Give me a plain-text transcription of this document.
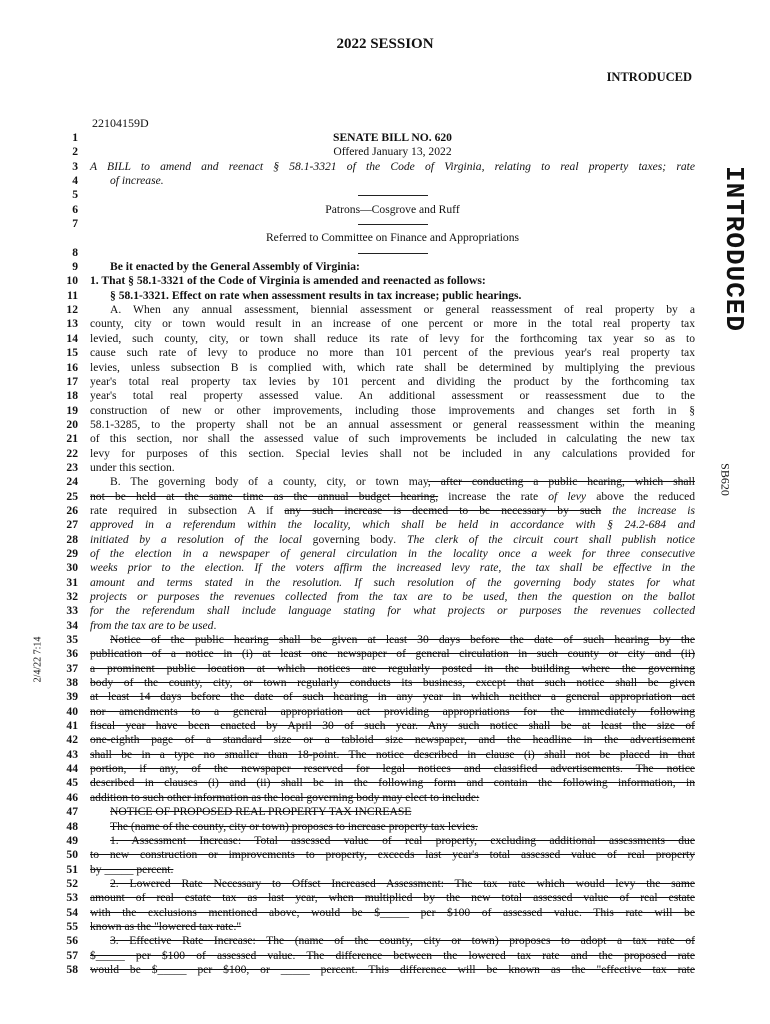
2022 SESSION
INTRODUCED
22104159D
INTRODUCED
SB620
2/4/22 7:14
1	SENATE BILL NO. 620
2	Offered January 13, 2022
3 A BILL to amend and reenact § 58.1-3321 of the Code of Virginia, relating to real property taxes; rate
4	of increase.
5
6	Patrons—Cosgrove and Ruff
7
Referred to Committee on Finance and Appropriations
8
9	Be it enacted by the General Assembly of Virginia:
10 1. That § 58.1-3321 of the Code of Virginia is amended and reenacted as follows:
11	§ 58.1-3321. Effect on rate when assessment results in tax increase; public hearings.
12	A. When any annual assessment, biennial assessment or general reassessment of real property by a
13 county, city or town would result in an increase of one percent or more in the total real property tax
14 levied, such county, city, or town shall reduce its rate of levy for the forthcoming tax year so as to
15 cause such rate of levy to produce no more than 101 percent of the previous year's real property tax
16 levies, unless subsection B is complied with, which rate shall be determined by multiplying the previous
17 year's total real property tax levies by 101 percent and dividing the product by the forthcoming tax
18 year's total real property assessed value. An additional assessment or reassessment due to the
19 construction of new or other improvements, including those improvements and changes set forth in §
20 58.1-3285, to the property shall not be an annual assessment or general reassessment within the meaning
21 of this section, nor shall the assessed value of such improvements be included in calculating the new tax
22 levy for purposes of this section. Special levies shall not be included in any calculations provided for
23 under this section.
24	B. The governing body of a county, city, or town may, after conducting a public hearing, which shall
25 not be held at the same time as the annual budget hearing, increase the rate of levy above the reduced
26 rate required in subsection A if any such increase is deemed to be necessary by such the increase is
27 approved in a referendum within the locality, which shall be held in accordance with § 24.2-684 and
28 initiated by a resolution of the local governing body. The clerk of the circuit court shall publish notice
29 of the election in a newspaper of general circulation in the locality once a week for three consecutive
30 weeks prior to the election. If the voters affirm the increased levy rate, the tax shall be effective in the
31 amount and terms stated in the resolution. If such resolution of the governing body states for what
32 projects or purposes the revenues collected from the tax are to be used, then the question on the ballot
33 for the referendum shall include language stating for what projects or purposes the revenues collected
34 from the tax are to be used.
35	Notice of the public hearing shall be given at least 30 days before the date of such hearing by the
36 publication of a notice in (i) at least one newspaper of general circulation in such county or city and (ii)
37 a prominent public location at which notices are regularly posted in the building where the governing
38 body of the county, city, or town regularly conducts its business, except that such notice shall be given
39 at least 14 days before the date of such hearing in any year in which neither a general appropriation act
40 nor amendments to a general appropriation act providing appropriations for the immediately following
41 fiscal year have been enacted by April 30 of such year. Any such notice shall be at least the size of
42 one-eighth page of a standard size or a tabloid size newspaper, and the headline in the advertisement
43 shall be in a type no smaller than 18-point. The notice described in clause (i) shall not be placed in that
44 portion, if any, of the newspaper reserved for legal notices and classified advertisements. The notice
45 described in clauses (i) and (ii) shall be in the following form and contain the following information, in
46 addition to such other information as the local governing body may elect to include:
47	NOTICE OF PROPOSED REAL PROPERTY TAX INCREASE
48	The (name of the county, city or town) proposes to increase property tax levies.
49	1. Assessment Increase: Total assessed value of real property, excluding additional assessments due
50 to new construction or improvements to property, exceeds last year's total assessed value of real property
51 by _____ percent.
52	2. Lowered Rate Necessary to Offset Increased Assessment: The tax rate which would levy the same
53 amount of real estate tax as last year, when multiplied by the new total assessed value of real estate
54 with the exclusions mentioned above, would be $_____ per $100 of assessed value. This rate will be
55 known as the "lowered tax rate."
56	3. Effective Rate Increase: The (name of the county, city or town) proposes to adopt a tax rate of
57 $_____ per $100 of assessed value. The difference between the lowered tax rate and the proposed rate
58 would be $_____ per $100, or _____ percent. This difference will be known as the "effective tax rate
